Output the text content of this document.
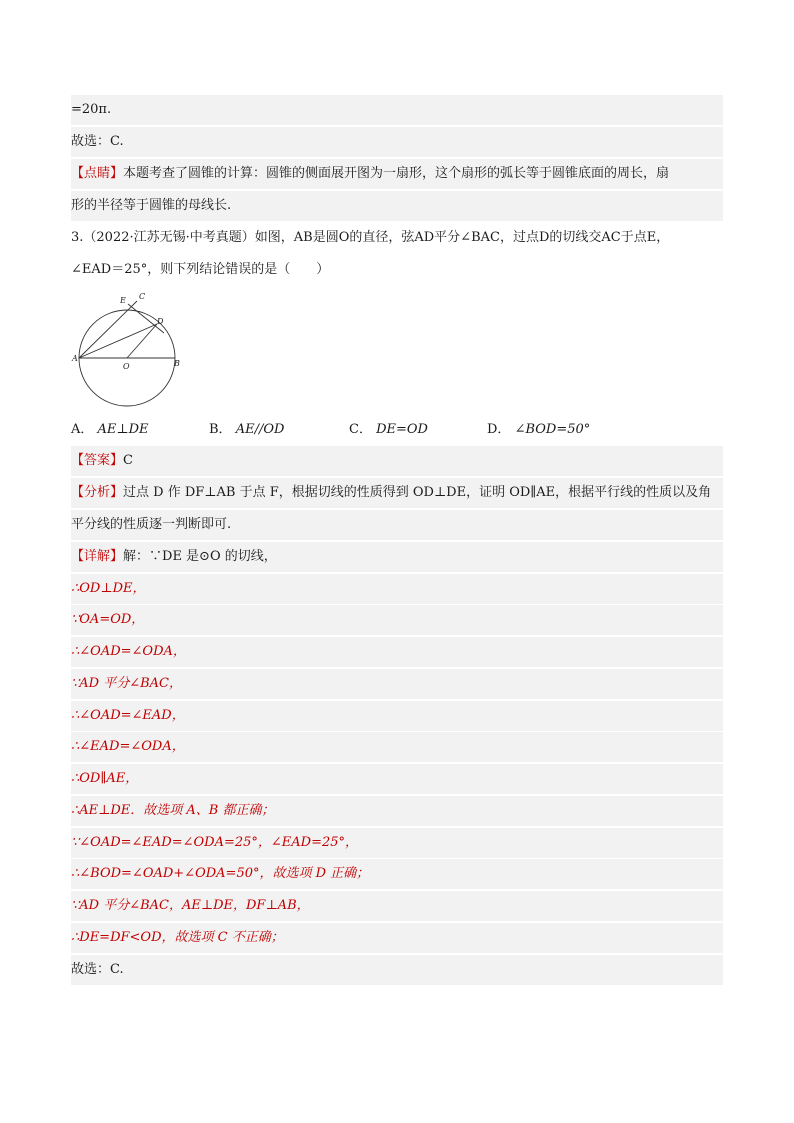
=20π.
故选：C.
【点睛】本题考查了圆锥的计算：圆锥的侧面展开图为一扇形，这个扇形的弧长等于圆锥底面的周长，扇
形的半径等于圆锥的母线长.
3.（2022·江苏无锡·中考真题）如图，AB是圆O的直径，弦AD平分∠BAC，过点D的切线交AC于点E，
∠EAD＝25°，则下列结论错误的是（　　）
E C
D
A
O	B
A． AE⊥DE	B． AE//OD	C． DE=OD	D． ∠BOD=50°
【答案】C
【分析】过点 D 作 DF⊥AB 于点 F，根据切线的性质得到 OD⊥DE，证明 OD∥AE，根据平行线的性质以及角
平分线的性质逐一判断即可.
【详解】解：∵DE 是⊙O 的切线，
∴OD⊥DE，
∵OA=OD，
∴∠OAD=∠ODA，
∵AD 平分∠BAC，
∴∠OAD=∠EAD，
∴∠EAD=∠ODA，
∴OD∥AE，
∴AE⊥DE．故选项 A、B 都正确；
∵∠OAD=∠EAD=∠ODA=25°，∠EAD=25°，
∴∠BOD=∠OAD+∠ODA=50°，故选项 D 正确；
∵AD 平分∠BAC，AE⊥DE，DF⊥AB，
∴DE=DF<OD，故选项 C 不正确；
故选：C.
